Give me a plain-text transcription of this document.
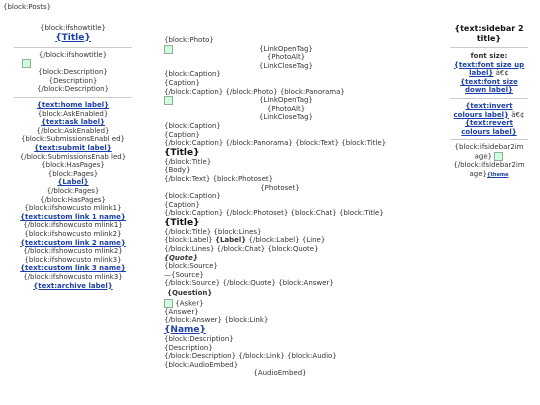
{block:Posts}
{block:ifshowtitle}
{Title}
{/block:ifshowtitle}
{block:Description}
{Description}
{/block:Description}
{text:home label}
{block:AskEnabled}
{text:ask label}
{/block:AskEnabled}
{block:SubmissionsEnabl ed}
{text:submit label}
{/block:SubmissionsEnab led}
{block:HasPages}
{block:Pages}
{Label}
{/block:Pages}
{/block:HasPages}
{block:ifshowcusto mlink1}
{text:custom link 1 name}
{/block:ifshowcusto mlink1}
{block:ifshowcusto mlink2}
{text:custom link 2 name}
{/block:ifshowcusto mlink2}
{block:ifshowcusto mlink3}
{text:custom link 3 name}
{/block:ifshowcusto mlink3}
{text:archive label}
{block:Photo}
{LinkOpenTag}
{PhotoAlt}
{LinkCloseTag}
{block:Caption}
{Caption}
{/block:Caption} {/block:Photo} {block:Panorama}
{LinkOpenTag}
{PhotoAlt}
{LinkCloseTag}
{block:Caption}
{Caption}
{/block:Caption} {/block:Panorama} {block:Text} {block:Title}
{Title}
{/block:Title}
{Body}
{/block:Text} {block:Photoset}
{Photoset}
{block:Caption}
{Caption}
{/block:Caption} {/block:Photoset} {block:Chat} {block:Title}
{Title}
{/block:Title} {block:Lines}
{block:Label} {Label} {/block:Label} {Line}
{/block:Lines} {/block:Chat} {block:Quote}
{Quote}
{block:Source}
—{Source}
{/block:Source} {/block:Quote} {block:Answer}
{Question}
{Asker}
{Answer}
{/block:Answer} {block:Link}
{Name}
{block:Description}
{Description}
{/block:Description} {/block:Link} {block:Audio}
{block:AudioEmbed}
{AudioEmbed}
{text:sidebar 2 title}
font size:
{text:font size up label} â€¢ {text:font size down label}
{text:invert colours label} â€¢ {text:revert colours label}
{block:ifsidebar2im age}
{/block:ifsidebar2im age}{theme
